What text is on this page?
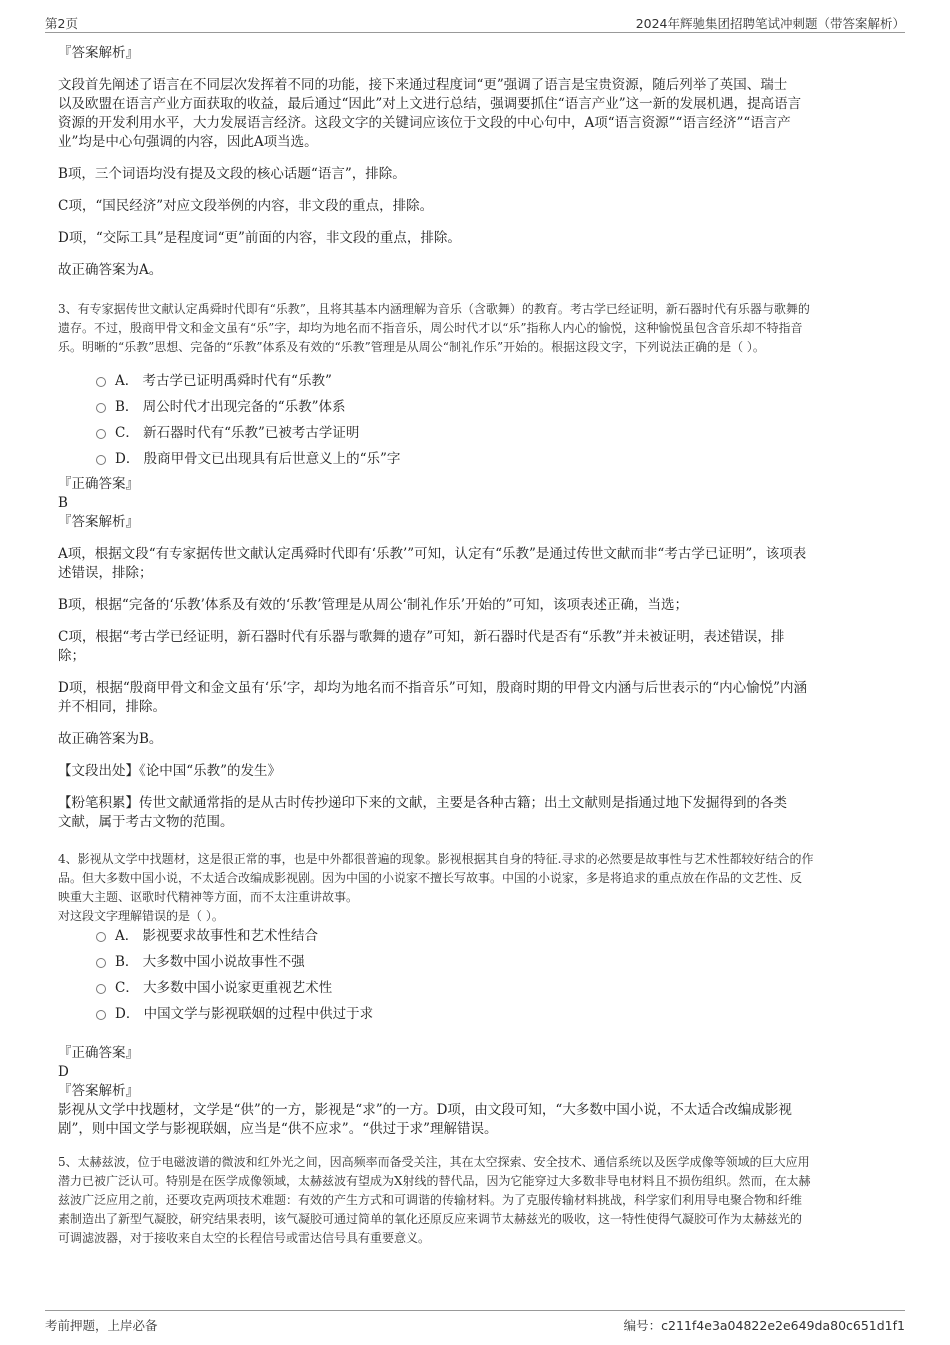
第2页	2024年辉驰集团招聘笔试冲刺题（带答案解析）

『答案解析』

文段首先阐述了语言在不同层次发挥着不同的功能，接下来通过程度词“更”强调了语言是宝贵资源，随后列举了英国、瑞士

以及欧盟在语言产业方面获取的收益，最后通过“因此”对上文进行总结，强调要抓住“语言产业”这一新的发展机遇，提高语言

资源的开发利用水平，大力发展语言经济。这段文字的关键词应该位于文段的中心句中，A项“语言资源”“语言经济”“语言产

业”均是中心句强调的内容，因此A项当选。

B项，三个词语均没有提及文段的核心话题“语言”，排除。

C项，“国民经济”对应文段举例的内容，非文段的重点，排除。

D项，“交际工具”是程度词“更”前面的内容，非文段的重点，排除。

故正确答案为A。

3、有专家据传世文献认定禹舜时代即有“乐教”，且将其基本内涵理解为音乐（含歌舞）的教育。考古学已经证明，新石器时代有乐器与歌舞的

遗存。不过，殷商甲骨文和金文虽有“乐”字，却均为地名而不指音乐，周公时代才以“乐”指称人内心的愉悦，这种愉悦虽包含音乐却不特指音

乐。明晰的“乐教”思想、完备的“乐教”体系及有效的“乐教”管理是从周公“制礼作乐”开始的。根据这段文字，下列说法正确的是（ ）。

A． 考古学已证明禹舜时代有“乐教”
B． 周公时代才出现完备的“乐教”体系
C． 新石器时代有“乐教”已被考古学证明
D． 殷商甲骨文已出现具有后世意义上的“乐”字

『正确答案』

B

『答案解析』

A项，根据文段“有专家据传世文献认定禹舜时代即有‘乐教’”可知，认定有“乐教”是通过传世文献而非“考古学已证明”，该项表

述错误，排除；

B项，根据“完备的‘乐教’体系及有效的‘乐教’管理是从周公‘制礼作乐’开始的”可知，该项表述正确，当选；

C项，根据“考古学已经证明，新石器时代有乐器与歌舞的遗存”可知，新石器时代是否有“乐教”并未被证明，表述错误，排

除；

D项，根据“殷商甲骨文和金文虽有‘乐’字，却均为地名而不指音乐”可知，殷商时期的甲骨文内涵与后世表示的“内心愉悦”内涵

并不相同，排除。

故正确答案为B。

【文段出处】《论中国“乐教”的发生》

【粉笔积累】传世文献通常指的是从古时传抄递印下来的文献，主要是各种古籍；出土文献则是指通过地下发掘得到的各类

文献，属于考古文物的范围。

4、影视从文学中找题材，这是很正常的事，也是中外都很普遍的现象。影视根据其自身的特征.寻求的必然要是故事性与艺术性都较好结合的作

品。但大多数中国小说，不太适合改编成影视剧。因为中国的小说家不擅长写故事。中国的小说家，多是将追求的重点放在作品的文艺性、反

映重大主题、讴歌时代精神等方面，而不太注重讲故事。

对这段文字理解错误的是（ ）。

A． 影视要求故事性和艺术性结合
B． 大多数中国小说故事性不强
C． 大多数中国小说家更重视艺术性
D． 中国文学与影视联姻的过程中供过于求

『正确答案』

D

『答案解析』

影视从文学中找题材，文学是“供”的一方，影视是“求”的一方。D项，由文段可知，“大多数中国小说，不太适合改编成影视

剧”，则中国文学与影视联姻，应当是“供不应求”。“供过于求”理解错误。

5、太赫兹波，位于电磁波谱的微波和红外光之间，因高频率而备受关注，其在太空探索、安全技术、通信系统以及医学成像等领域的巨大应用

潜力已被广泛认可。特别是在医学成像领域，太赫兹波有望成为X射线的替代品，因为它能穿过大多数非导电材料且不损伤组织。然而，在太赫

兹波广泛应用之前，还要攻克两项技术难题：有效的产生方式和可调谐的传输材料。为了克服传输材料挑战，科学家们利用导电聚合物和纤维

素制造出了新型气凝胶，研究结果表明，该气凝胶可通过简单的氧化还原反应来调节太赫兹光的吸收，这一特性使得气凝胶可作为太赫兹光的

可调滤波器，对于接收来自太空的长程信号或雷达信号具有重要意义。

考前押题，上岸必备	编号：c211f4e3a04822e2e649da80c651d1f1
